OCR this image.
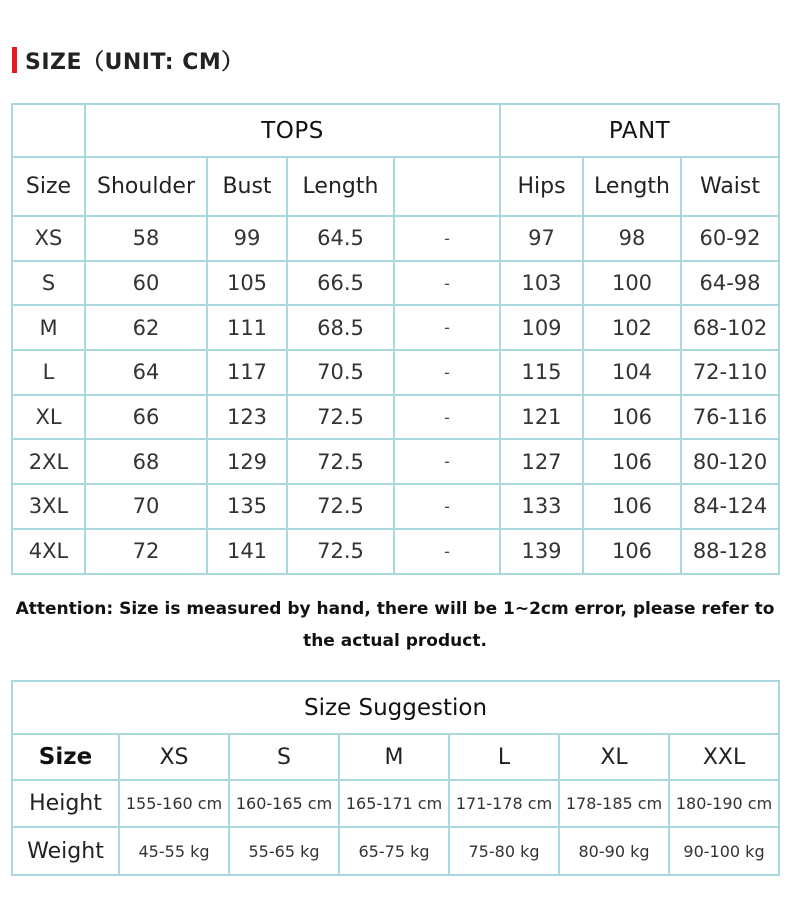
SIZE（UNIT: CM）
	TOPS				PANT		
Size	Shoulder	Bust	Length		Hips	Length	Waist
XS	58	99	64.5	-	97	98	60-92
S	60	105	66.5	-	103	100	64-98
M	62	111	68.5	-	109	102	68-102
L	64	117	70.5	-	115	104	72-110
XL	66	123	72.5	-	121	106	76-116
2XL	68	129	72.5	-	127	106	80-120
3XL	70	135	72.5	-	133	106	84-124
4XL	72	141	72.5	-	139	106	88-128
Attention: Size is measured by hand, there will be 1~2cm error, please refer to
the actual product.
Size Suggestion						
Size	XS	S	M	L	XL	XXL
Height	155-160 cm	160-165 cm	165-171 cm	171-178 cm	178-185 cm	180-190 cm
Weight	45-55 kg	55-65 kg	65-75 kg	75-80 kg	80-90 kg	90-100 kg
